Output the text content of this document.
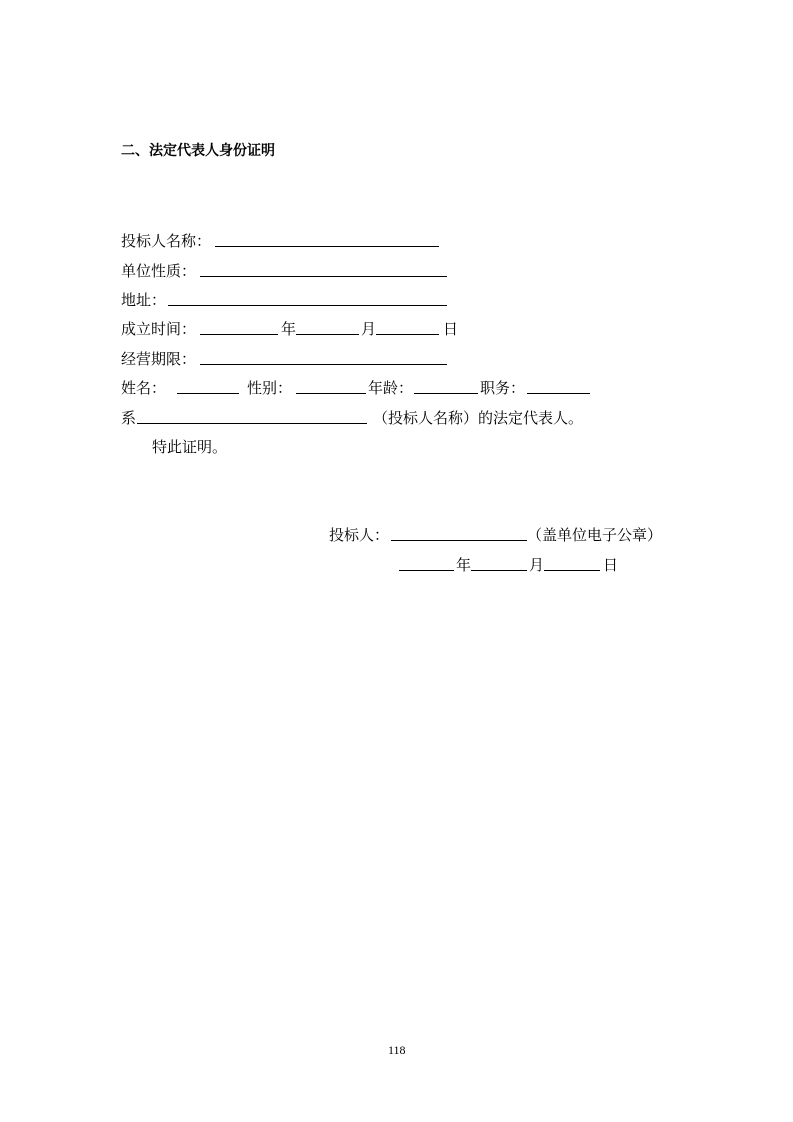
二、法定代表人身份证明
投标人名称：
单位性质：
地址：
成立时间：	年	月	日
经营期限：
姓名：	性别：	年龄：	职务：
系	（投标人名称）的法定代表人。
特此证明。
投标人：	（盖单位电子公章）
年	月	日
118
